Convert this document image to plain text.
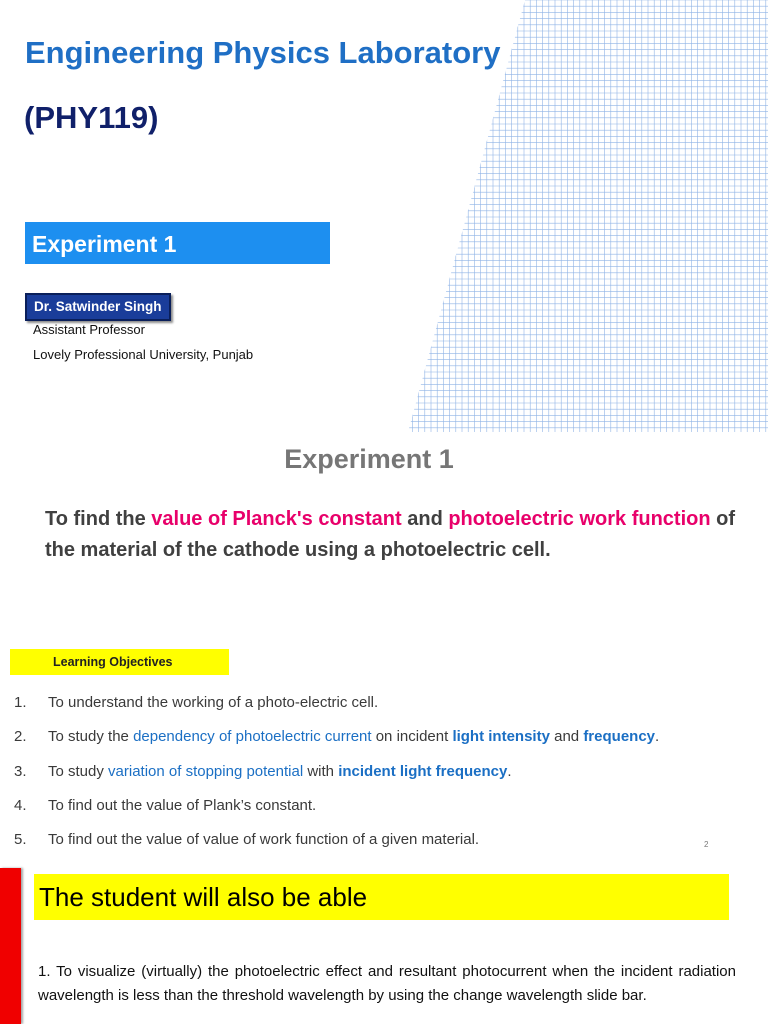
Engineering Physics Laboratory
(PHY119)
Experiment 1
Dr. Satwinder Singh
Assistant Professor
Lovely Professional University, Punjab
Experiment 1

To find the value of Planck's constant and photoelectric work function of the material of the cathode using a photoelectric cell.

Learning Objectives
1. To understand the working of a photo-electric cell.
2. To study the dependency of photoelectric current on incident light intensity and frequency.
3. To study variation of stopping potential with incident light frequency.
4. To find out the value of Plank’s constant.
5. To find out the value of value of work function of a given material.	2
The student will also be able

1. To visualize (virtually) the photoelectric effect and resultant photocurrent when the incident radiation wavelength is less than the threshold wavelength by using the change wavelength slide bar.
